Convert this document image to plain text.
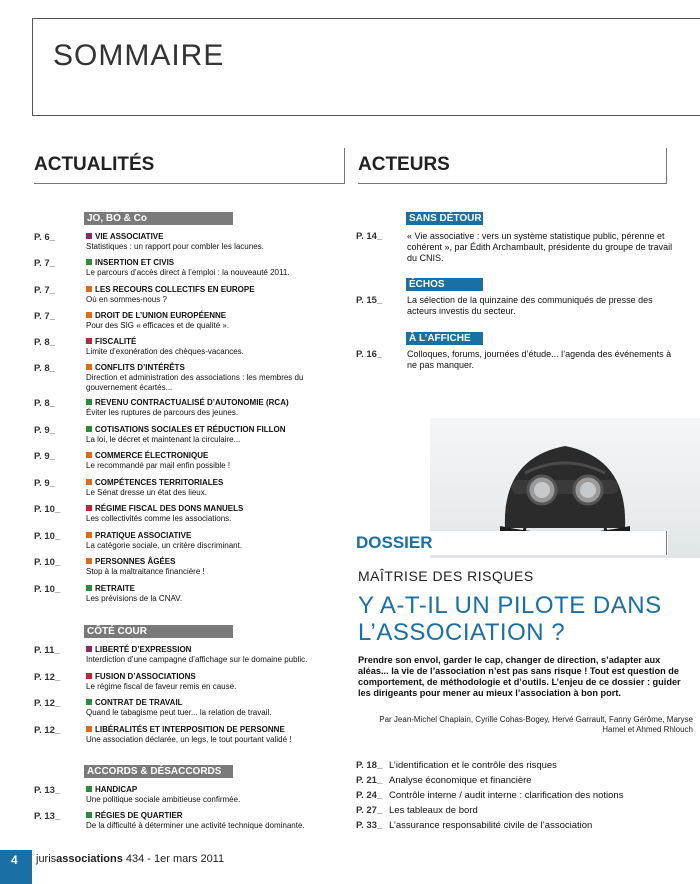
SOMMAIRE
ACTUALITÉS	ACTEURS
JO, BO & Co
P. 6_	VIE ASSOCIATIVE
Statistiques : un rapport pour combler les lacunes.
P. 7_	INSERTION ET CIVIS
Le parcours d’accès direct à l’emploi : la nouveauté 2011.
P. 7_	LES RECOURS COLLECTIFS EN EUROPE
Où en sommes-nous ?
P. 7_	DROIT DE L’UNION EUROPÉENNE
Pour des SIG « efficaces et de qualité ».
P. 8_	FISCALITÉ
Limite d’exonération des chèques-vacances.
P. 8_	CONFLITS D’INTÉRÊTS
Direction et administration des associations : les membres du gouvernement écartés...
P. 8_	REVENU CONTRACTUALISÉ D’AUTONOMIE (RCA)
Éviter les ruptures de parcours des jeunes.
P. 9_	COTISATIONS SOCIALES ET RÉDUCTION FILLON
La loi, le décret et maintenant la circulaire...
P. 9_	COMMERCE ÉLECTRONIQUE
Le recommandé par mail enfin possible !
P. 9_	COMPÉTENCES TERRITORIALES
Le Sénat dresse un état des lieux.
P. 10_	RÉGIME FISCAL DES DONS MANUELS
Les collectivités comme les associations.
P. 10_	PRATIQUE ASSOCIATIVE
La catégorie sociale, un critère discriminant.
P. 10_	PERSONNES ÂGÉES
Stop à la maltraitance financière !
P. 10_	RETRAITE
Les prévisions de la CNAV.
CÔTÉ COUR
P. 11_	LIBERTÉ D’EXPRESSION
Interdiction d’une campagne d’affichage sur le domaine public.
P. 12_	FUSION D’ASSOCIATIONS
Le régime fiscal de faveur remis en cause.
P. 12_	CONTRAT DE TRAVAIL
Quand le tabagisme peut tuer... la relation de travail.
P. 12_	LIBÉRALITÉS ET INTERPOSITION DE PERSONNE
Une association déclarée, un legs, le tout pourtant validé !
ACCORDS & DÉSACCORDS
P. 13_	HANDICAP
Une politique sociale ambitieuse confirmée.
P. 13_	RÉGIES DE QUARTIER
De la difficulté à déterminer une activité technique dominante.
SANS DÉTOUR
P. 14_	« Vie associative : vers un système statistique public, pérenne et cohérent », par Édith Archambault, présidente du groupe de travail du CNIS.
ÉCHOS
P. 15_	La sélection de la quinzaine des communiqués de presse des acteurs investis du secteur.
À L’AFFICHE
P. 16_	Colloques, forums, journées d’étude... l’agenda des événements à ne pas manquer.
DOSSIER
MAÎTRISE DES RISQUES
Y A-T-IL UN PILOTE DANS L’ASSOCIATION ?
Prendre son envol, garder le cap, changer de direction, s’adapter aux aléas... la vie de l’association n’est pas sans risque ! Tout est question de comportement, de méthodologie et d’outils. L’enjeu de ce dossier : guider les dirigeants pour mener au mieux l’association à bon port.
Par Jean-Michel Chaplain, Cyrille Cohas-Bogey, Hervé Garrault, Fanny Gérôme, Maryse Hamel et Ahmed Rhlouch
P. 18_ L’identification et le contrôle des risques
P. 21_ Analyse économique et financière
P. 24_ Contrôle interne / audit interne : clarification des notions
P. 27_ Les tableaux de bord
P. 33_ L’assurance responsabilité civile de l’association
4	jurisassociations 434 - 1er mars 2011
